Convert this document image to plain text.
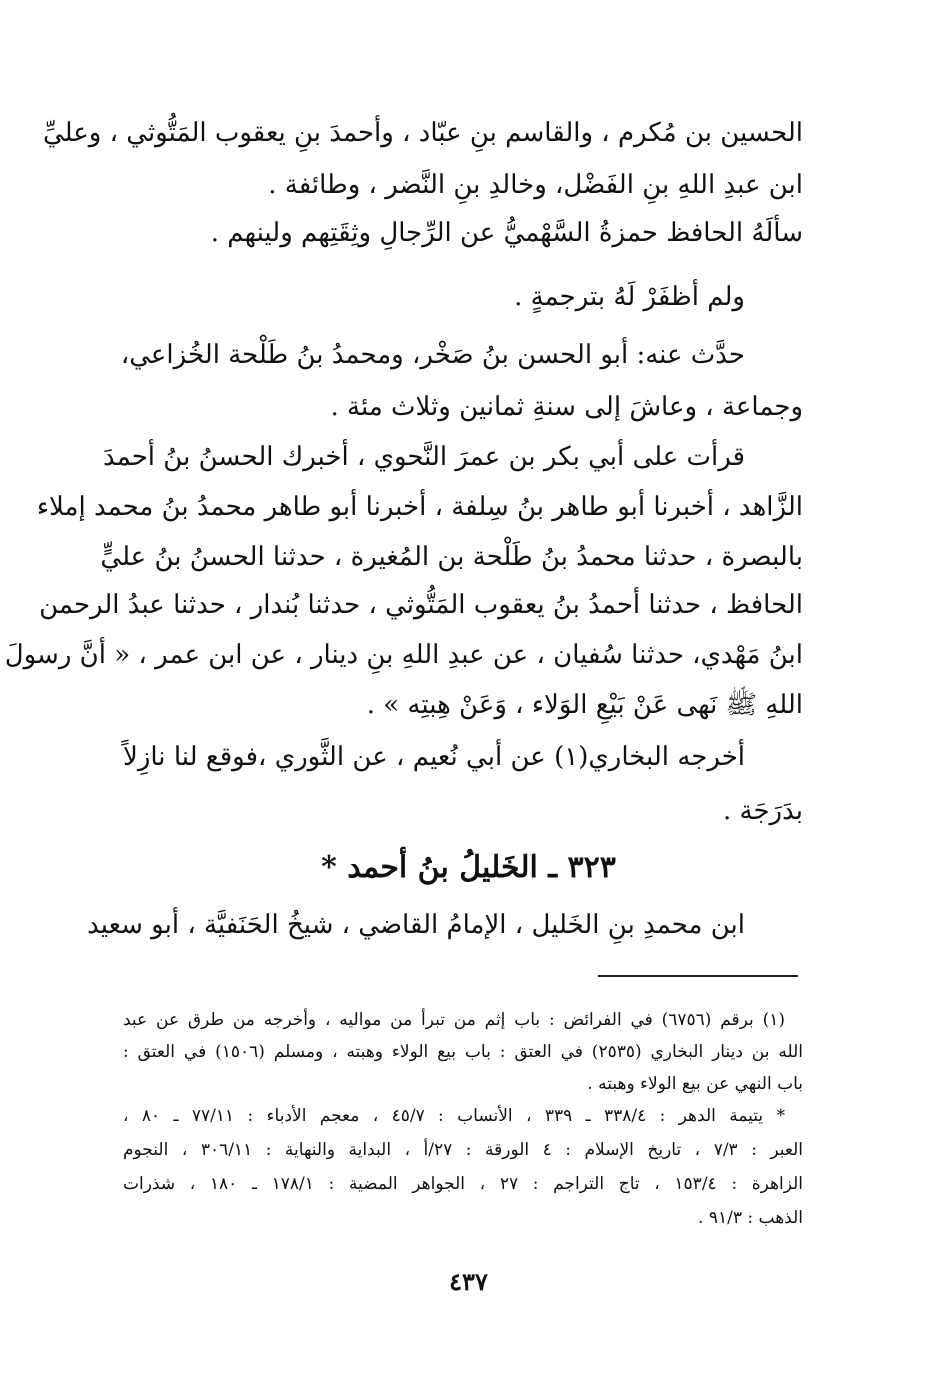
الحسين بن مُكرم ، والقاسم بنِ عبّاد ، وأحمدَ بنِ يعقوب المَتُّوثي ، وعليِّ
ابن عبدِ اللهِ بنِ الفَضْل، وخالدِ بنِ النَّضر ، وطائفة .
سألَهُ الحافظ حمزةُ السَّهْميُّ عن الرِّجالِ وثِقَتِهم ولينهم .
ولم أظفَرْ لَهُ بترجمةٍ .
حدَّث عنه: أبو الحسن بنُ صَخْر، ومحمدُ بنُ طَلْحة الخُزاعي،
وجماعة ، وعاشَ إلى سنةِ ثمانين وثلاث مئة .
قرأت على أبي بكر بن عمرَ النَّحوي ، أخبرك الحسنُ بنُ أحمدَ
الزَّاهد ، أخبرنا أبو طاهر بنُ سِلفة ، أخبرنا أبو طاهر محمدُ بنُ محمد إملاء
بالبصرة ، حدثنا محمدُ بنُ طَلْحة بن المُغيرة ، حدثنا الحسنُ بنُ عليٍّ
الحافظ ، حدثنا أحمدُ بنُ يعقوب المَتُّوثي ، حدثنا بُندار ، حدثنا عبدُ الرحمن
ابنُ مَهْدي، حدثنا سُفيان ، عن عبدِ اللهِ بنِ دينار ، عن ابن عمر ، « أنَّ رسولَ
اللهِ ﷺ نَهى عَنْ بَيْعِ الوَلاء ، وَعَنْ هِبتِه » .
أخرجه البخاري(١) عن أبي نُعيم ، عن الثَّوري ،فوقع لنا نازِلاً
بدَرَجَة .
٣٢٣ ـ الخَليلُ بنُ أحمد *
ابن محمدِ بنِ الخَليل ، الإمامُ القاضي ، شيخُ الحَنَفيَّة ، أبو سعيد
(١) برقم (٦٧٥٦) في الفرائض : باب إثم من تبرأ من مواليه ، وأخرجه من طرق عن عبد
الله بن دينار البخاري (٢٥٣٥) في العتق : باب بيع الولاء وهبته ، ومسلم (١٥٠٦) في العتق :
باب النهي عن بيع الولاء وهبته .
* يتيمة الدهر : ٣٣٨/٤ ـ ٣٣٩ ، الأنساب : ٤٥/٧ ، معجم الأدباء : ٧٧/١١ ـ ٨٠ ،
العبر : ٧/٣ ، تاريخ الإسلام : ٤ الورقة : ٢٧/أ ، البداية والنهاية : ٣٠٦/١١ ، النجوم
الزاهرة : ١٥٣/٤ ، تاج التراجم : ٢٧ ، الجواهر المضية : ١٧٨/١ ـ ١٨٠ ، شذرات
الذهب : ٩١/٣ .
٤٣٧
